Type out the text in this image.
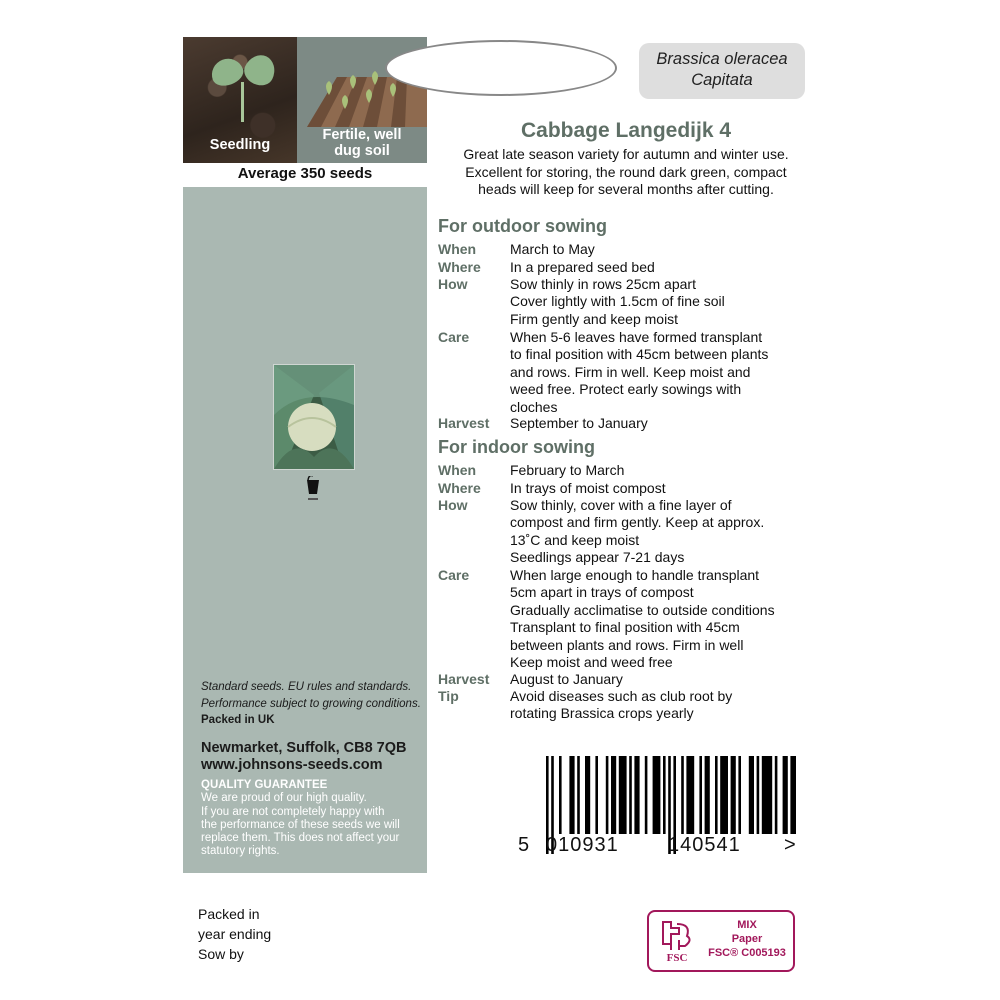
Seedling
Fertile, well
dug soil
Average 350 seeds
Standard seeds. EU rules and standards.
Performance subject to growing conditions.
Packed in UK
Newmarket, Suffolk, CB8 7QB
www.johnsons-seeds.com
QUALITY GUARANTEE
We are proud of our high quality.
If you are not completely happy with
the performance of these seeds we will
replace them. This does not affect your
statutory rights.
Brassica oleracea
Capitata
Cabbage Langedijk 4
Great late season variety for autumn and winter use.
Excellent for storing, the round dark green, compact
heads will keep for several months after cutting.
For outdoor sowing
When March to May
Where In a prepared seed bed
How	Sow thinly in rows 25cm apart
Cover lightly with 1.5cm of fine soil
Firm gently and keep moist
Care	When 5-6 leaves have formed transplant
to final position with 45cm between plants
and rows. Firm in well. Keep moist and
weed free. Protect early sowings with
cloches
Harvest September to January
For indoor sowing
When February to March
Where In trays of moist compost
How	Sow thinly, cover with a fine layer of
compost and firm gently. Keep at approx.
13˚C and keep moist
Seedlings appear 7-21 days
Care	When large enough to handle transplant
5cm apart in trays of compost
Gradually acclimatise to outside conditions
Transplant to final position with 45cm
between plants and rows. Firm in well
Keep moist and weed free
Harvest August to January
Tip	Avoid diseases such as club root by
rotating Brassica crops yearly
5 010931 140541 >
Packed in
year ending
Sow by	FSC
MIX
Paper
FSC® C005193
